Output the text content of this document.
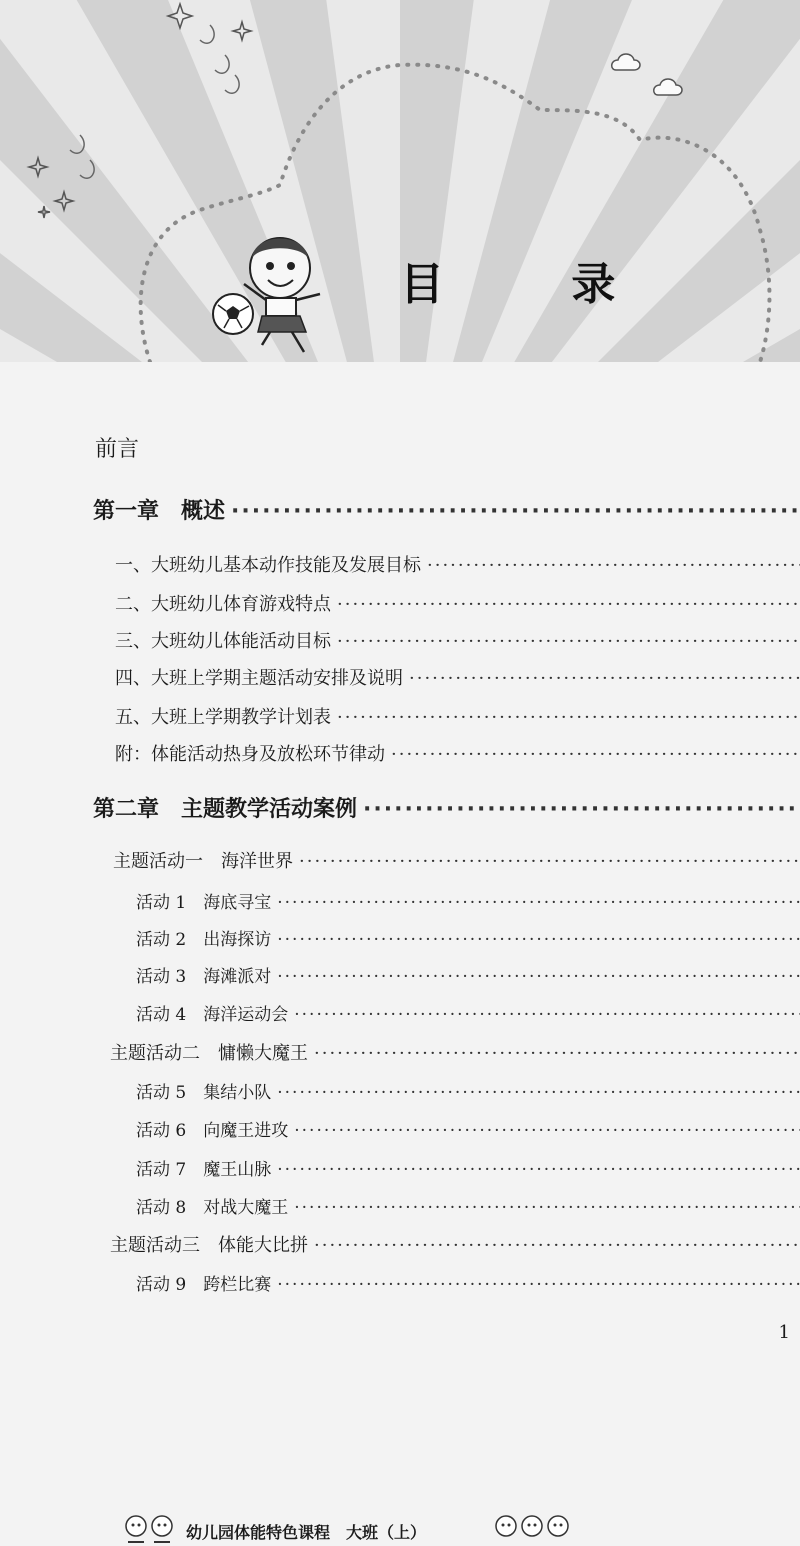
目 录
前言
第一章　概述
·····
一、大班幼儿基本动作技能及发展目标
·····
二、大班幼儿体育游戏特点
·····
三、大班幼儿体能活动目标
·····
四、大班上学期主题活动安排及说明
·····
五、大班上学期教学计划表
·····
附：体能活动热身及放松环节律动
·····
第二章　主题教学活动案例
·····
主题活动一　海洋世界
·····
活动 1　海底寻宝
·····
活动 2　出海探访
·····
活动 3　海滩派对
·····
活动 4　海洋运动会
·····
主题活动二　慵懒大魔王
·····
活动 5　集结小队
·····
活动 6　向魔王进攻
·····
活动 7　魔王山脉
·····
活动 8　对战大魔王
·····
主题活动三　体能大比拼
·····
活动 9　跨栏比赛
·····
1
幼儿园体能特色课程　大班（上）
